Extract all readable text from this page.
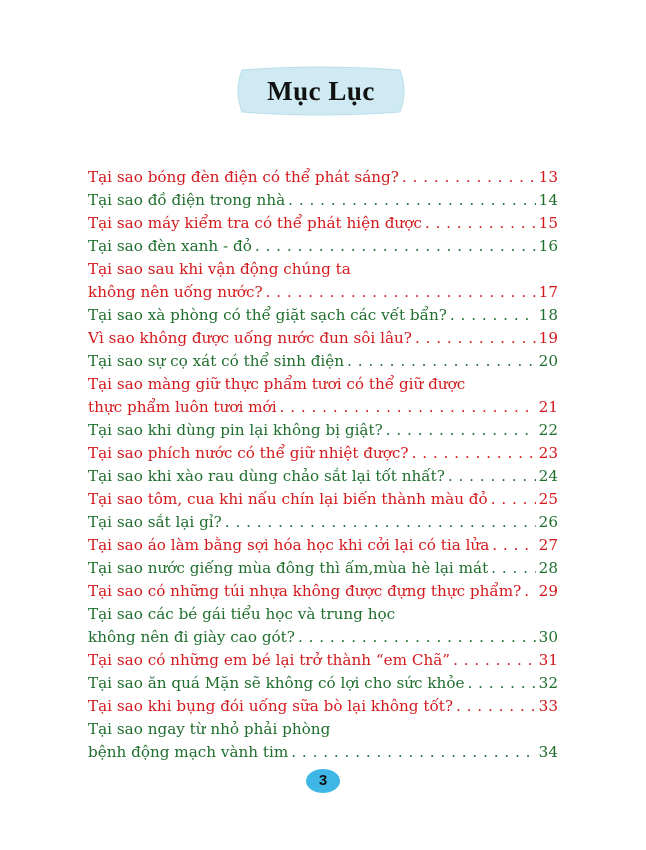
Mục Lục
Tại sao bóng đèn điện có thể phát sáng? . . .	13
Tại sao đồ điện trong nhà . . .	14
Tại sao máy kiểm tra có thể phát hiện được . . .	15
Tại sao đèn xanh - đỏ . . .	16
Tại sao sau khi vận động chúng ta
không nên uống nước? . . .	17
Tại sao xà phòng có thể giặt sạch các vết bẩn? . . .	18
Vì sao không được uống nước đun sôi lâu? . . .	19
Tại sao sự cọ xát có thể sinh điện . . .	20
Tại sao màng giữ thực phẩm tươi có thể giữ được
thực phẩm luôn tươi mới . . .	21
Tại sao khi dùng pin lại không bị giật? . . .	22
Tại sao phích nước có thể giữ nhiệt được? . . .	23
Tại sao khi xào rau dùng chảo sắt lại tốt nhất? . . .	24
Tại sao tôm, cua khi nấu chín lại biến thành màu đỏ . . .	25
Tại sao sắt lại gỉ? . . .	26
Tại sao áo làm bằng sợi hóa học khi cởi lại có tia lửa . . .	27
Tại sao nước giếng mùa đông thì ấm,mùa hè lại mát . . .	28
Tại sao có những túi nhựa không được đựng thực phẩm? . . . 29
Tại sao các bé gái tiểu học và trung học
không nên đi giày cao gót? . . .	30
Tại sao có những em bé lại trở thành “em Chã” . . .	31
Tại sao ăn quá Mặn sẽ không có lợi cho sức khỏe . . .	32
Tại sao khi bụng đói uống sữa bò lại không tốt? . . .	33
Tại sao ngay từ nhỏ phải phòng
bệnh động mạch vành tim . . .	34
3
